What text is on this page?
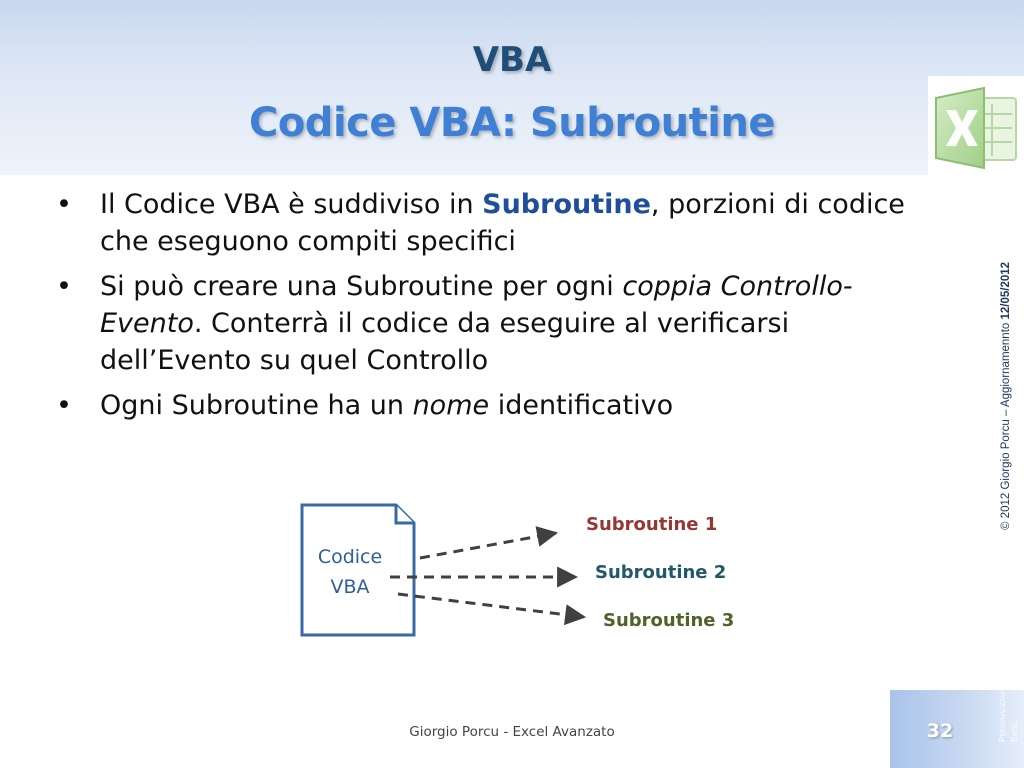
VBA
Codice VBA: Subroutine
• Il Codice VBA è suddiviso in Subroutine, porzioni di codice che eseguono compiti specifici
• Si può creare una Subroutine per ogni coppia Controllo-Evento. Conterrà il codice da eseguire al verificarsi dell’Evento su quel Controllo
• Ogni Subroutine ha un nome identificativo	© 2012 Giorgio Porcu – Aggiornamennto 12/05/2012
Codice
VBA
Subroutine 1
Subroutine 2
Subroutine 3
Giorgio Porcu - Excel Avanzato	32	Personalizzare Excel
